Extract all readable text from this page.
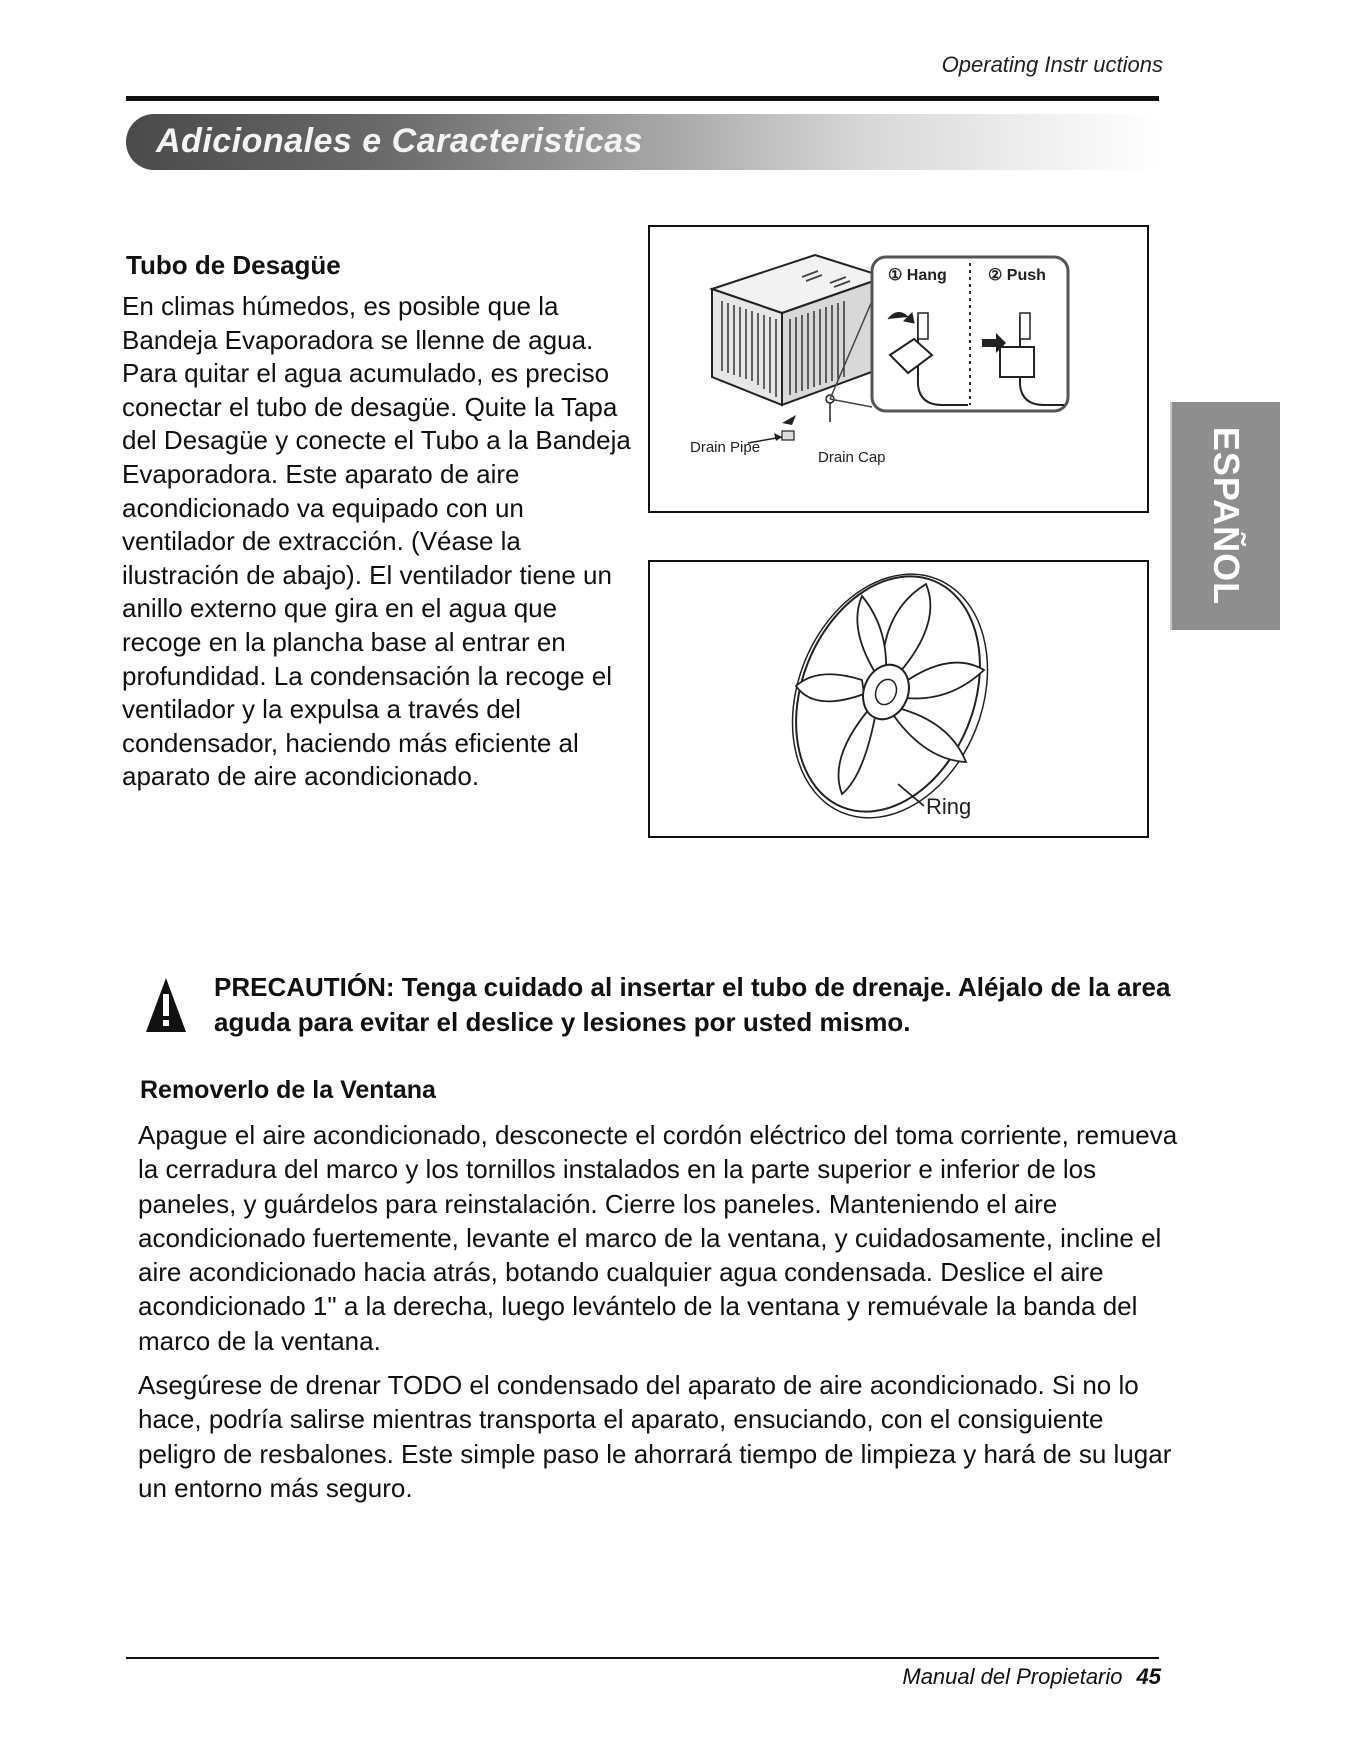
Operating Instr uctions
Adicionales e Caracteristicas
ESPAÑOL
Tubo de Desagüe

En climas húmedos, es posible que la Bandeja Evaporadora se llenne de agua. Para quitar el agua acumulado, es preciso conectar el tubo de desagüe. Quite la Tapa del Desagüe y conecte el Tubo a la Bandeja Evaporadora. Este aparato de aire acondicionado va equipado con un ventilador de extracción. (Véase la ilustración de abajo). El ventilador tiene un anillo externo que gira en el agua que recoge en la plancha base al entrar en profundidad. La condensación la recoge el ventilador y la expulsa a través del condensador, haciendo más eficiente al aparato de aire acondicionado.

① Hang	② Push
Drain Pipe
Drain Cap
Ring

PRECAUTIÓN: Tenga cuidado al insertar el tubo de drenaje. Aléjalo de la area aguda para evitar el deslice y lesiones por usted mismo.

Removerlo de la Ventana

Apague el aire acondicionado, desconecte el cordón eléctrico del toma corriente, remueva la cerradura del marco y los tornillos instalados en la parte superior e inferior de los paneles, y guárdelos para reinstalación. Cierre los paneles. Manteniendo el aire acondicionado fuertemente, levante el marco de la ventana, y cuidadosamente, incline el aire acondicionado hacia atrás, botando cualquier agua condensada. Deslice el aire acondicionado 1" a la derecha, luego levántelo de la ventana y remuévale la banda del marco de la ventana.

Asegúrese de drenar TODO el condensado del aparato de aire acondicionado. Si no lo hace, podría salirse mientras transporta el aparato, ensuciando, con el consiguiente peligro de resbalones. Este simple paso le ahorrará tiempo de limpieza y hará de su lugar un entorno más seguro.

Manual del Propietario 45
